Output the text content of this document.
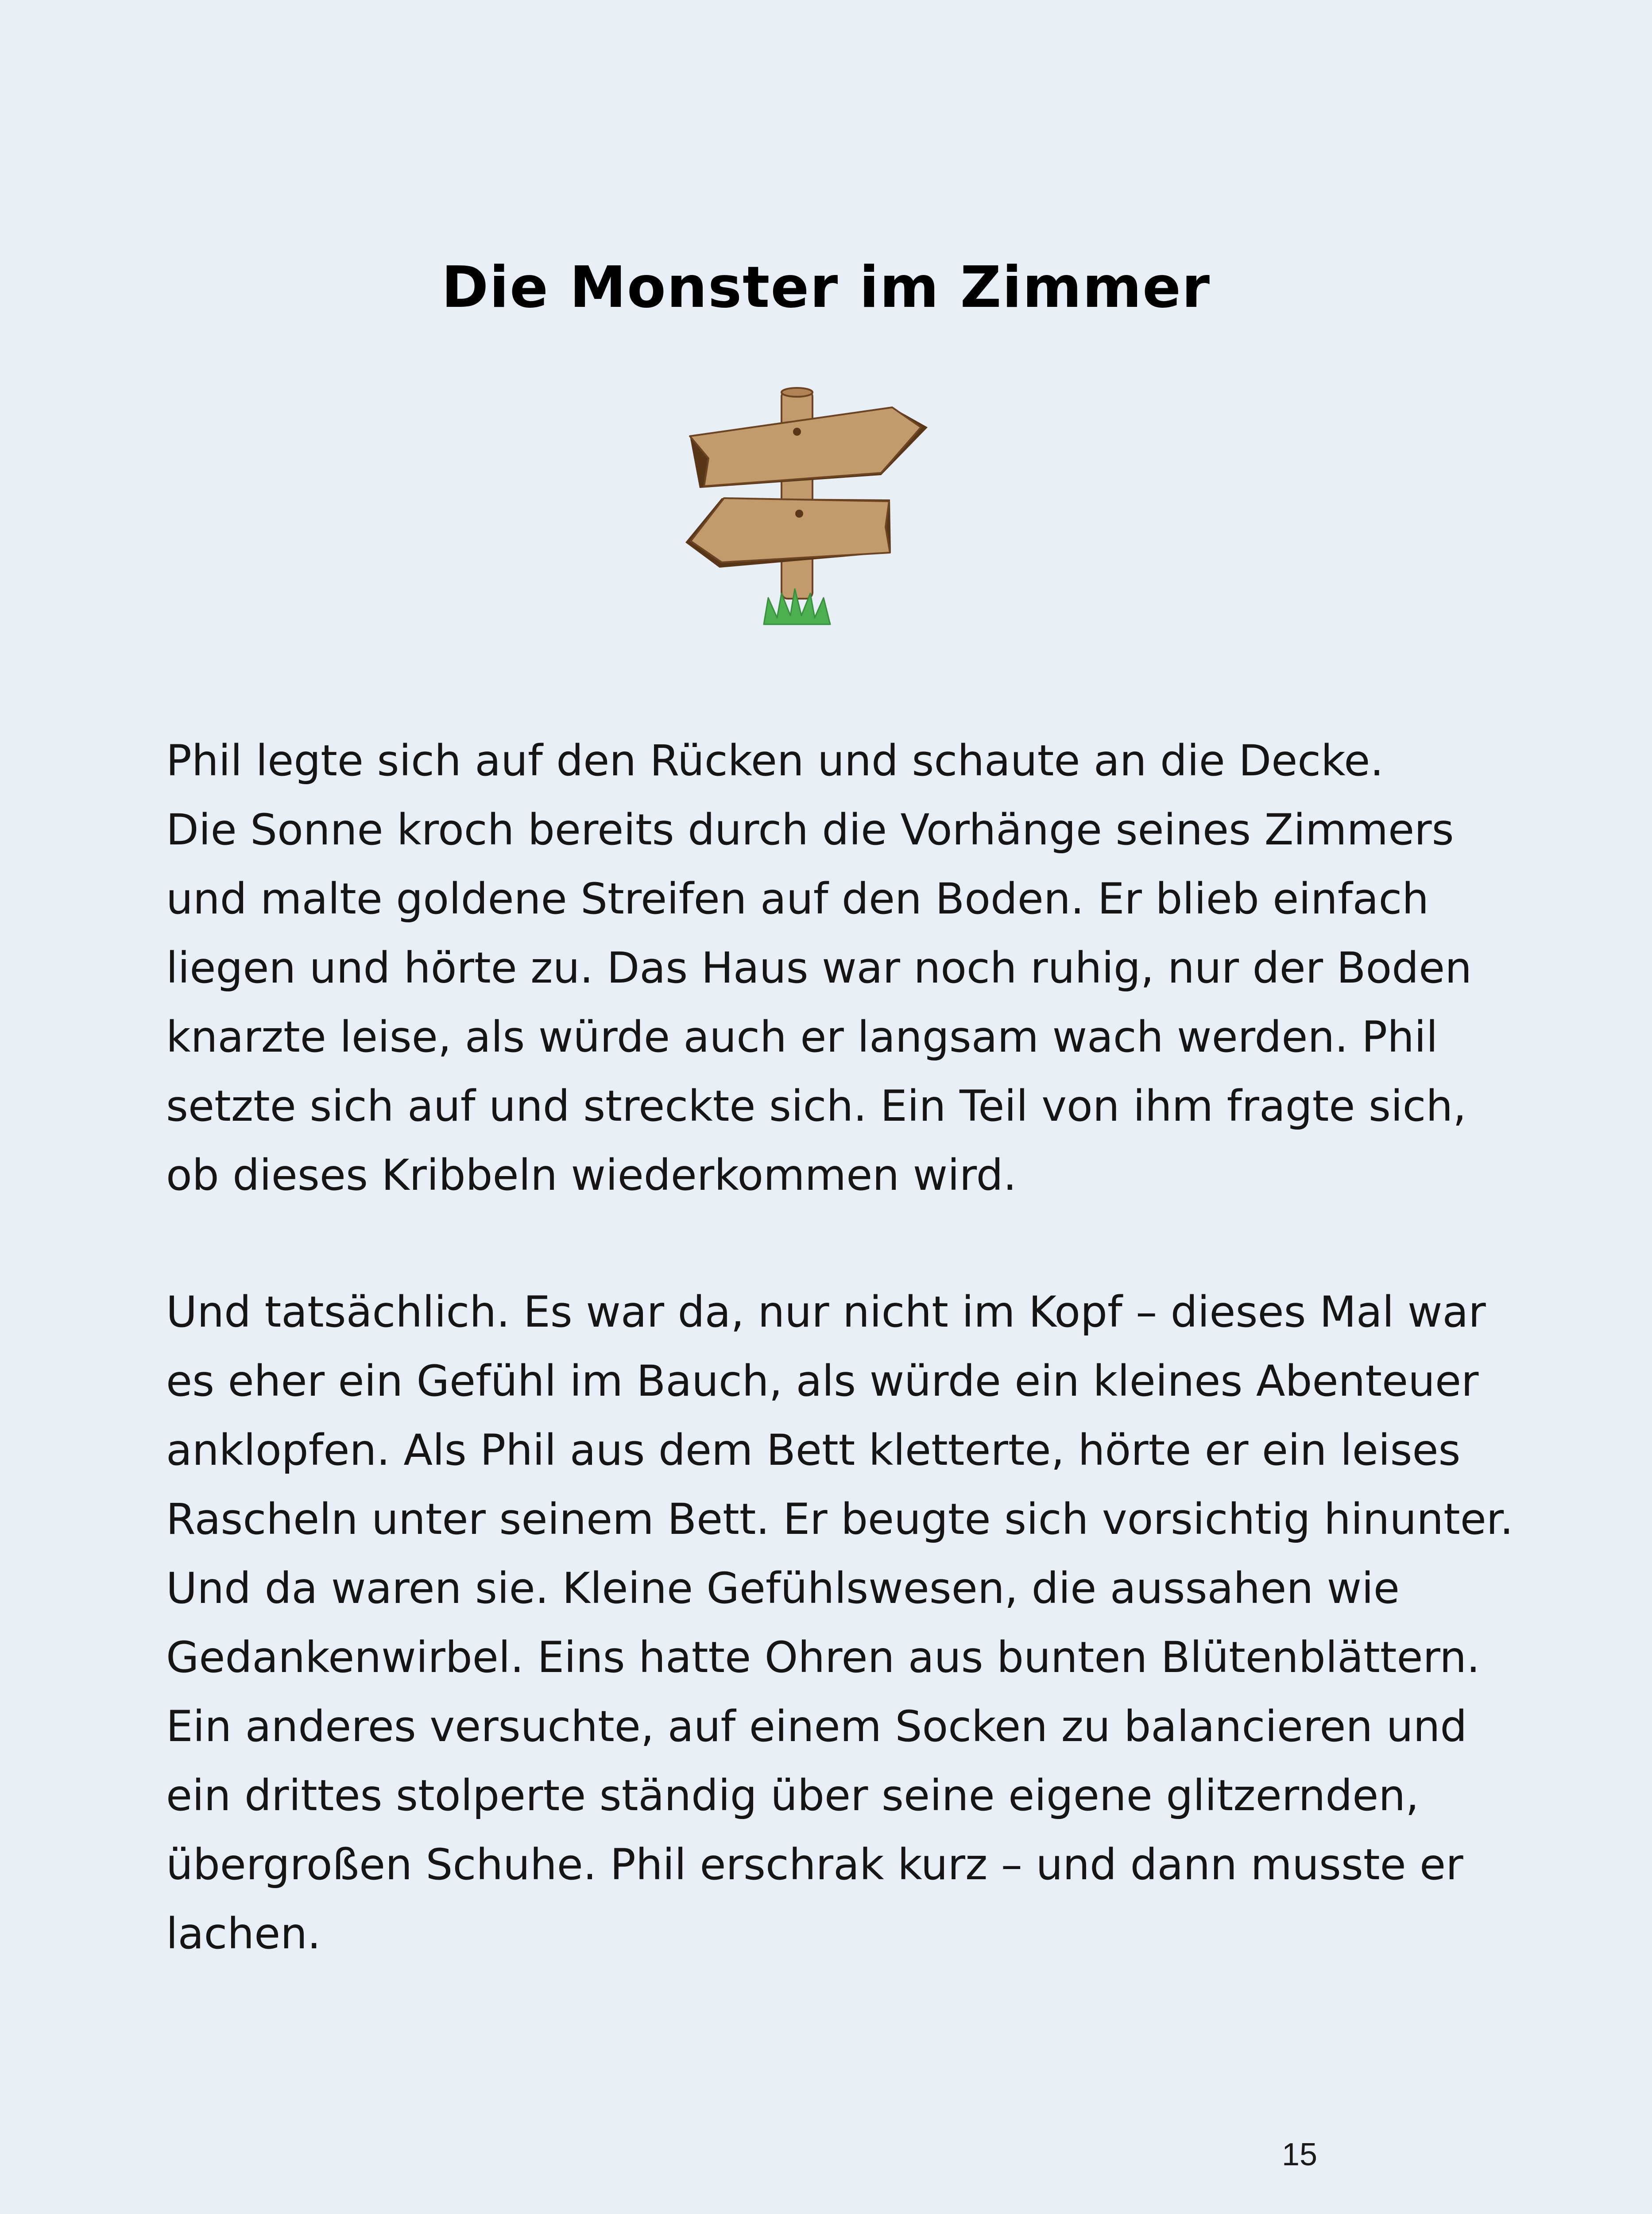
Die Monster im Zimmer
Phil legte sich auf den Rücken und schaute an die Decke.
Die Sonne kroch bereits durch die Vorhänge seines Zimmers
und malte goldene Streifen auf den Boden. Er blieb einfach
liegen und hörte zu. Das Haus war noch ruhig, nur der Boden
knarzte leise, als würde auch er langsam wach werden. Phil
setzte sich auf und streckte sich. Ein Teil von ihm fragte sich,
ob dieses Kribbeln wiederkommen wird.
Und tatsächlich. Es war da, nur nicht im Kopf – dieses Mal war
es eher ein Gefühl im Bauch, als würde ein kleines Abenteuer
anklopfen. Als Phil aus dem Bett kletterte, hörte er ein leises
Rascheln unter seinem Bett. Er beugte sich vorsichtig hinunter.
Und da waren sie. Kleine Gefühlswesen, die aussahen wie
Gedankenwirbel. Eins hatte Ohren aus bunten Blütenblättern.
Ein anderes versuchte, auf einem Socken zu balancieren und
ein drittes stolperte ständig über seine eigene glitzernden,
übergroßen Schuhe. Phil erschrak kurz – und dann musste er
lachen.
15
